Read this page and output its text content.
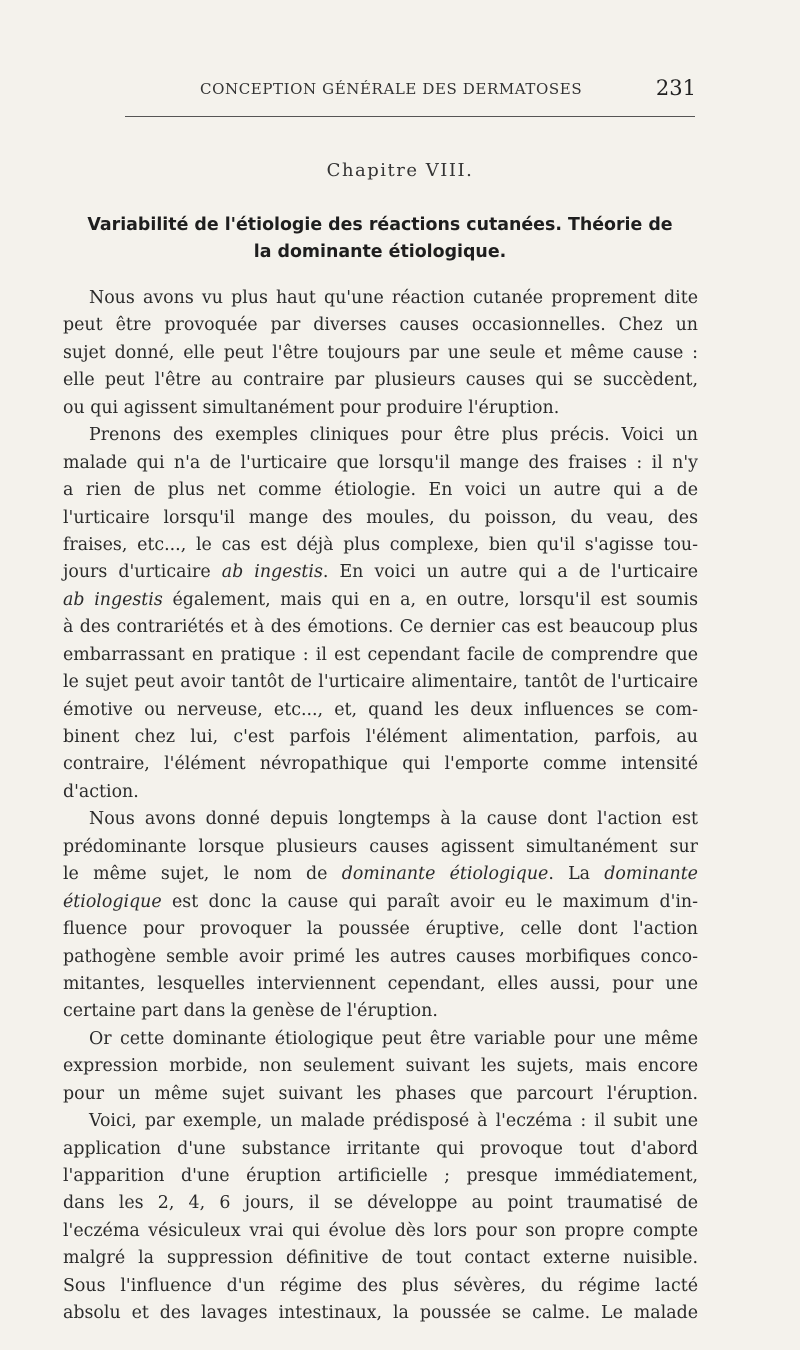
CONCEPTION GÉNÉRALE DES DERMATOSES	231
Chapitre VIII.
Variabilité de l'étiologie des réactions cutanées. Théorie de
la dominante étiologique.
Nous avons vu plus haut qu'une réaction cutanée proprement dite
peut être provoquée par diverses causes occasionnelles. Chez un
sujet donné, elle peut l'être toujours par une seule et même cause :
elle peut l'être au contraire par plusieurs causes qui se succèdent,
ou qui agissent simultanément pour produire l'éruption.
Prenons des exemples cliniques pour être plus précis. Voici un
malade qui n'a de l'urticaire que lorsqu'il mange des fraises : il n'y
a rien de plus net comme étiologie. En voici un autre qui a de
l'urticaire lorsqu'il mange des moules, du poisson, du veau, des
fraises, etc..., le cas est déjà plus complexe, bien qu'il s'agisse tou-
jours d'urticaire ab ingestis. En voici un autre qui a de l'urticaire
ab ingestis également, mais qui en a, en outre, lorsqu'il est soumis
à des contrariétés et à des émotions. Ce dernier cas est beaucoup plus
embarrassant en pratique : il est cependant facile de comprendre que
le sujet peut avoir tantôt de l'urticaire alimentaire, tantôt de l'urticaire
émotive ou nerveuse, etc..., et, quand les deux influences se com-
binent chez lui, c'est parfois l'élément alimentation, parfois, au
contraire, l'élément névropathique qui l'emporte comme intensité
d'action.
Nous avons donné depuis longtemps à la cause dont l'action est
prédominante lorsque plusieurs causes agissent simultanément sur
le même sujet, le nom de dominante étiologique. La dominante
étiologique est donc la cause qui paraît avoir eu le maximum d'in-
fluence pour provoquer la poussée éruptive, celle dont l'action
pathogène semble avoir primé les autres causes morbifiques conco-
mitantes, lesquelles interviennent cependant, elles aussi, pour une
certaine part dans la genèse de l'éruption.
Or cette dominante étiologique peut être variable pour une même
expression morbide, non seulement suivant les sujets, mais encore
pour un même sujet suivant les phases que parcourt l'éruption.
Voici, par exemple, un malade prédisposé à l'eczéma : il subit une
application d'une substance irritante qui provoque tout d'abord
l'apparition d'une éruption artificielle ; presque immédiatement,
dans les 2, 4, 6 jours, il se développe au point traumatisé de
l'eczéma vésiculeux vrai qui évolue dès lors pour son propre compte
malgré la suppression définitive de tout contact externe nuisible.
Sous l'influence d'un régime des plus sévères, du régime lacté
absolu et des lavages intestinaux, la poussée se calme. Le malade
